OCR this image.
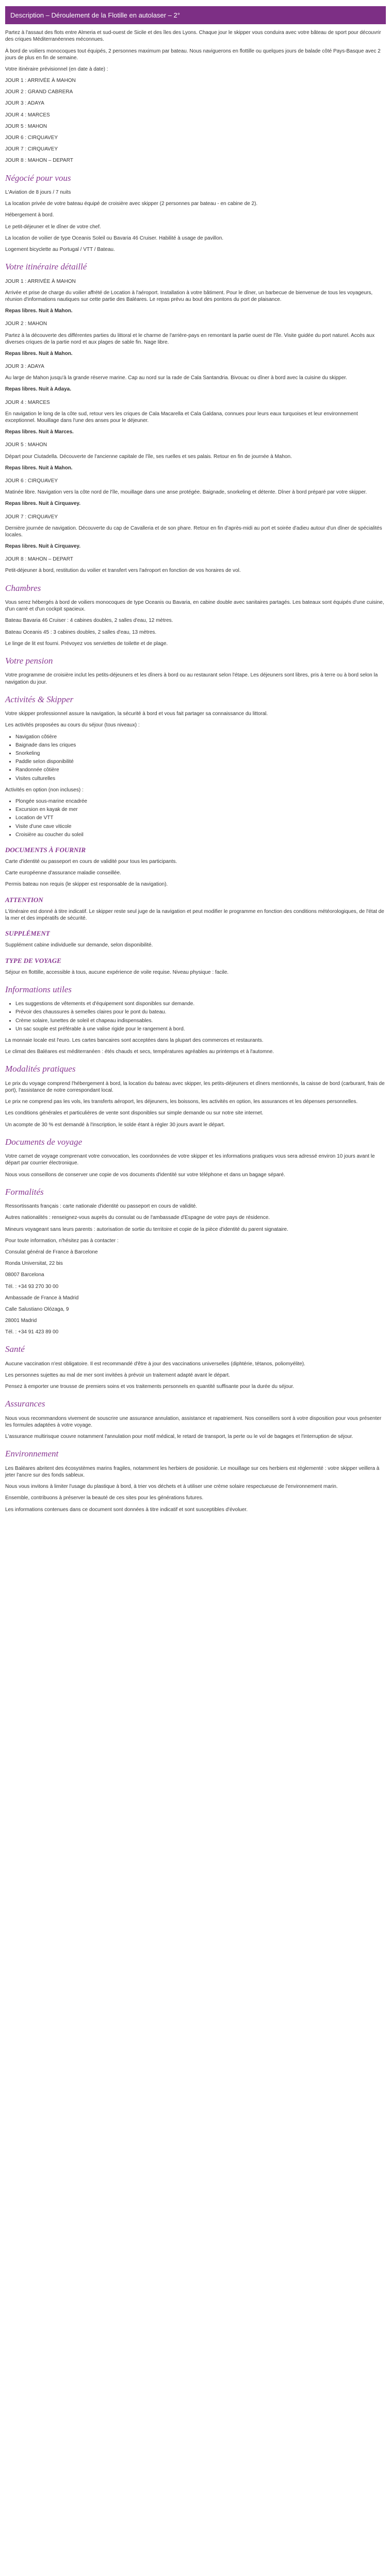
Description – Déroulement de la Flotille en autolaser – 2°

Partez à l'assaut des flots entre Almeria et sud-ouest de Sicile et des îles des Lyons. Chaque jour le skipper vous conduira avec votre bâteau de sport pour découvrir des criques Méditerranéennes méconnues.

À bord de voiliers monocoques tout équipés, 2 personnes maximum par bateau. Nous naviguerons en flottille ou quelques jours de balade côté Pays-Basque avec 2 jours de plus en fin de semaine.

Votre itinéraire prévisionnel (en date à date) :

JOUR 1 : ARRIVÉE À MAHON

JOUR 2 : GRAND CABRERA

JOUR 3 : ADAYA

JOUR 4 : MARCES

JOUR 5 : MAHON

JOUR 6 : CIRQUAVEY

JOUR 7 : CIRQUAVEY

JOUR 8 : MAHON – DEPART

Négocié pour vous

L'Aviation de 8 jours / 7 nuits

La location privée de votre bateau équipé de croisière avec skipper (2 personnes par bateau - en cabine de 2).

Hébergement à bord.

Le petit-déjeuner et le dîner de votre chef.

La location de voilier de type Oceanis Soleil ou Bavaria 46 Cruiser. Habilité à usage de pavillon.

Logement bicyclette au Portugal / VTT / Bateau.

Votre itinéraire détaillé

JOUR 1 : ARRIVÉE À MAHON

Arrivée et prise de charge du voilier affrété de Location à l'aéroport. Installation à votre bâtiment. Pour le dîner, un barbecue de bienvenue de tous les voyageurs, réunion d'informations nautiques sur cette partie des Baléares. Le repas prévu au bout des pontons du port de plaisance.

Repas libres. Nuit à Mahon.

JOUR 2 : MAHON

Partez à la découverte des différentes parties du littoral et le charme de l'arrière-pays en remontant la partie ouest de l'île. Visite guidée du port naturel. Accès aux diverses criques de la partie nord et aux plages de sable fin. Nage libre.

Repas libres. Nuit à Mahon.

JOUR 3 : ADAYA

Au large de Mahon jusqu'à la grande réserve marine. Cap au nord sur la rade de Cala Santandria. Bivouac ou dîner à bord avec la cuisine du skipper.

Repas libres. Nuit à Adaya.

JOUR 4 : MARCES

En navigation le long de la côte sud, retour vers les criques de Cala Macarella et Cala Galdana, connues pour leurs eaux turquoises et leur environnement exceptionnel. Mouillage dans l'une des anses pour le déjeuner.

Repas libres. Nuit à Marces.

JOUR 5 : MAHON

Départ pour Ciutadella. Découverte de l'ancienne capitale de l'île, ses ruelles et ses palais. Retour en fin de journée à Mahon.

Repas libres. Nuit à Mahon.

JOUR 6 : CIRQUAVEY

Matinée libre. Navigation vers la côte nord de l'île, mouillage dans une anse protégée. Baignade, snorkeling et détente. Dîner à bord préparé par votre skipper.

Repas libres. Nuit à Cirquavey.

JOUR 7 : CIRQUAVEY

Dernière journée de navigation. Découverte du cap de Cavalleria et de son phare. Retour en fin d'après-midi au port et soirée d'adieu autour d'un dîner de spécialités locales.

Repas libres. Nuit à Cirquavey.

JOUR 8 : MAHON – DEPART

Petit-déjeuner à bord, restitution du voilier et transfert vers l'aéroport en fonction de vos horaires de vol.

Chambres

Vous serez hébergés à bord de voiliers monocoques de type Oceanis ou Bavaria, en cabine double avec sanitaires partagés. Les bateaux sont équipés d'une cuisine, d'un carré et d'un cockpit spacieux.

Bateau Bavaria 46 Cruiser : 4 cabines doubles, 2 salles d'eau, 12 mètres.

Bateau Oceanis 45 : 3 cabines doubles, 2 salles d'eau, 13 mètres.

Le linge de lit est fourni. Prévoyez vos serviettes de toilette et de plage.

Votre pension

Votre programme de croisière inclut les petits-déjeuners et les dîners à bord ou au restaurant selon l'étape. Les déjeuners sont libres, pris à terre ou à bord selon la navigation du jour.

Activités & Skipper

Votre skipper professionnel assure la navigation, la sécurité à bord et vous fait partager sa connaissance du littoral.

Les activités proposées au cours du séjour (tous niveaux) :

• Navigation côtière
• Baignade dans les criques
• Snorkeling
• Paddle selon disponibilité
• Randonnée côtière
• Visites culturelles

Activités en option (non incluses) :

• Plongée sous-marine encadrée
• Excursion en kayak de mer
• Location de VTT
• Visite d'une cave viticole
• Croisière au coucher du soleil
DOCUMENTS À FOURNIR

Carte d'identité ou passeport en cours de validité pour tous les participants.

Carte européenne d'assurance maladie conseillée.

Permis bateau non requis (le skipper est responsable de la navigation).

ATTENTION

L'itinéraire est donné à titre indicatif. Le skipper reste seul juge de la navigation et peut modifier le programme en fonction des conditions météorologiques, de l'état de la mer et des impératifs de sécurité.

SUPPLÉMENT

Supplément cabine individuelle sur demande, selon disponibilité.

TYPE DE VOYAGE

Séjour en flottille, accessible à tous, aucune expérience de voile requise. Niveau physique : facile.

Informations utiles
• Les suggestions de vêtements et d'équipement sont disponibles sur demande.
• Prévoir des chaussures à semelles claires pour le pont du bateau.
• Crème solaire, lunettes de soleil et chapeau indispensables.
• Un sac souple est préférable à une valise rigide pour le rangement à bord.

La monnaie locale est l'euro. Les cartes bancaires sont acceptées dans la plupart des commerces et restaurants.

Le climat des Baléares est méditerranéen : étés chauds et secs, températures agréables au printemps et à l'automne.

Modalités pratiques

Le prix du voyage comprend l'hébergement à bord, la location du bateau avec skipper, les petits-déjeuners et dîners mentionnés, la caisse de bord (carburant, frais de port), l'assistance de notre correspondant local.

Le prix ne comprend pas les vols, les transferts aéroport, les déjeuners, les boissons, les activités en option, les assurances et les dépenses personnelles.

Les conditions générales et particulières de vente sont disponibles sur simple demande ou sur notre site internet.

Un acompte de 30 % est demandé à l'inscription, le solde étant à régler 30 jours avant le départ.

Documents de voyage

Votre carnet de voyage comprenant votre convocation, les coordonnées de votre skipper et les informations pratiques vous sera adressé environ 10 jours avant le départ par courrier électronique.

Nous vous conseillons de conserver une copie de vos documents d'identité sur votre téléphone et dans un bagage séparé.

Formalités

Ressortissants français : carte nationale d'identité ou passeport en cours de validité.

Autres nationalités : renseignez-vous auprès du consulat ou de l'ambassade d'Espagne de votre pays de résidence.

Mineurs voyageant sans leurs parents : autorisation de sortie du territoire et copie de la pièce d'identité du parent signataire.

Pour toute information, n'hésitez pas à contacter :

Consulat général de France à Barcelone

Ronda Universitat, 22 bis

08007 Barcelona

Tél. : +34 93 270 30 00

Ambassade de France à Madrid

Calle Salustiano Olózaga, 9

28001 Madrid

Tél. : +34 91 423 89 00

Santé

Aucune vaccination n'est obligatoire. Il est recommandé d'être à jour des vaccinations universelles (diphtérie, tétanos, poliomyélite).

Les personnes sujettes au mal de mer sont invitées à prévoir un traitement adapté avant le départ.

Pensez à emporter une trousse de premiers soins et vos traitements personnels en quantité suffisante pour la durée du séjour.

Assurances

Nous vous recommandons vivement de souscrire une assurance annulation, assistance et rapatriement. Nos conseillers sont à votre disposition pour vous présenter les formules adaptées à votre voyage.

L'assurance multirisque couvre notamment l'annulation pour motif médical, le retard de transport, la perte ou le vol de bagages et l'interruption de séjour.

Environnement

Les Baléares abritent des écosystèmes marins fragiles, notamment les herbiers de posidonie. Le mouillage sur ces herbiers est réglementé : votre skipper veillera à jeter l'ancre sur des fonds sableux.

Nous vous invitons à limiter l'usage du plastique à bord, à trier vos déchets et à utiliser une crème solaire respectueuse de l'environnement marin.

Ensemble, contribuons à préserver la beauté de ces sites pour les générations futures.

Les informations contenues dans ce document sont données à titre indicatif et sont susceptibles d'évoluer.
